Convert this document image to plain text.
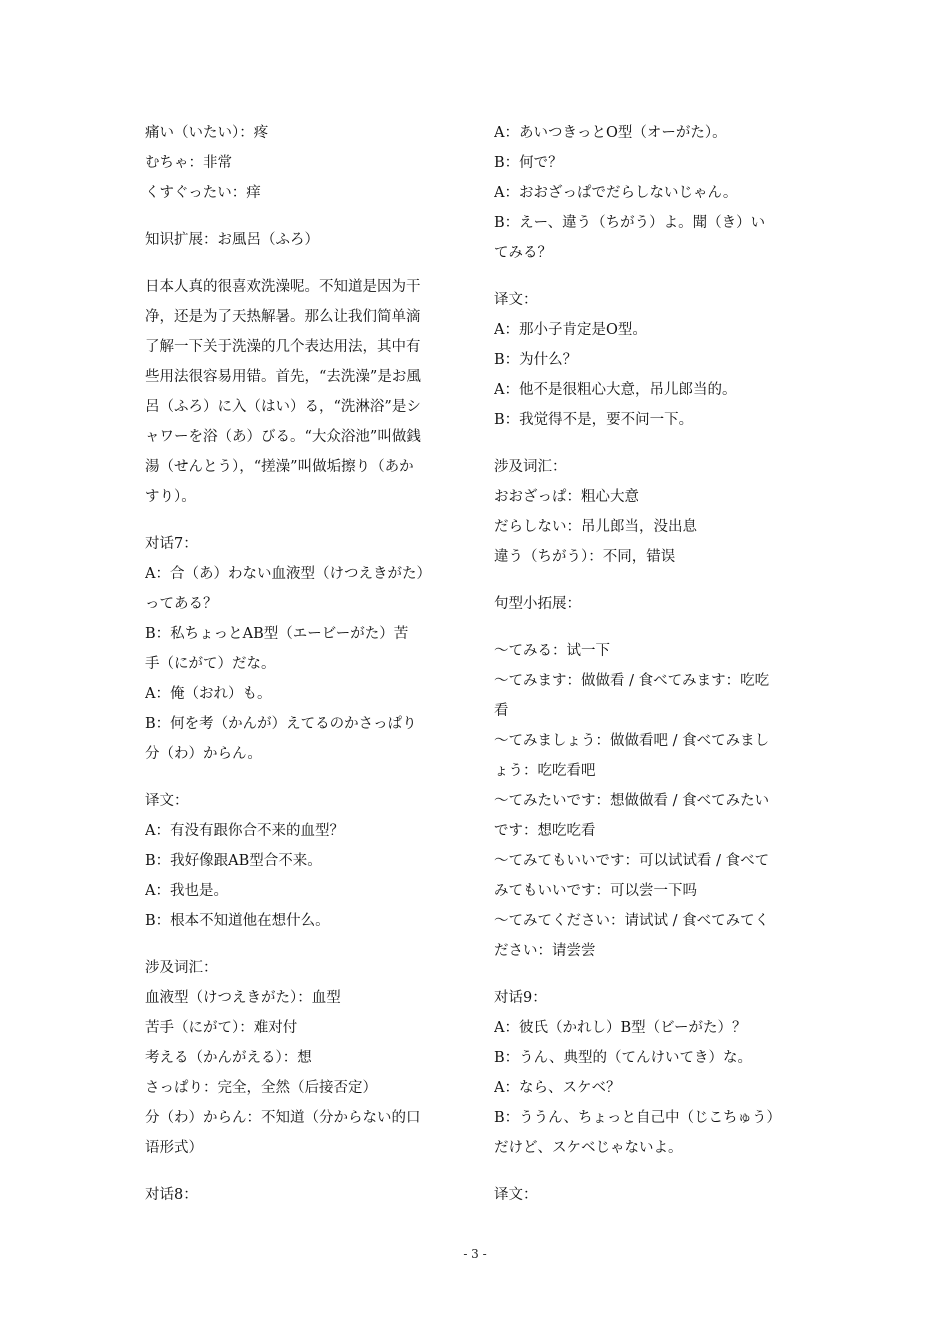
痛い（いたい）：疼
むちゃ：非常
くすぐったい：痒
知识扩展：お風呂（ふろ）
日本人真的很喜欢洗澡呢。不知道是因为干
净，还是为了天热解暑。那么让我们简单滴
了解一下关于洗澡的几个表达用法，其中有
些用法很容易用错。首先，“去洗澡”是お風
呂（ふろ）に入（はい）る，“洗淋浴”是シ
ャワーを浴（あ）びる。“大众浴池”叫做銭
湯（せんとう），“搓澡”叫做垢擦り（あか
すり）。
对话7：
A：合（あ）わない血液型（けつえきがた）
ってある？
B：私ちょっとAB型（エービーがた）苦
手（にがて）だな。
A：俺（おれ）も。
B：何を考（かんが）えてるのかさっぱり
分（わ）からん。
译文：
A：有没有跟你合不来的血型？
B：我好像跟AB型合不来。
A：我也是。
B：根本不知道他在想什么。
涉及词汇：
血液型（けつえきがた）：血型
苦手（にがて）：难对付
考える（かんがえる）：想
さっぱり：完全，全然（后接否定）
分（わ）からん：不知道（分からない的口
语形式）
对话8：
A：あいつきっとO型（オーがた）。
B：何で？
A：おおざっぱでだらしないじゃん。
B：えー、違う（ちがう）よ。聞（き）い
てみる？
译文：
A：那小子肯定是O型。
B：为什么？
A：他不是很粗心大意，吊儿郎当的。
B：我觉得不是，要不问一下。
涉及词汇：
おおざっぱ：粗心大意
だらしない：吊儿郎当，没出息
違う（ちがう）：不同，错误
句型小拓展：
～てみる：试一下
～てみます：做做看 / 食べてみます：吃吃
看
～てみましょう：做做看吧 / 食べてみまし
ょう：吃吃看吧
～てみたいです：想做做看 / 食べてみたい
です：想吃吃看
～てみてもいいです：可以试试看 / 食べて
みてもいいです：可以尝一下吗
～てみてください：请试试 / 食べてみてく
ださい：请尝尝
对话9：
A：彼氏（かれし）B型（ビーがた）？
B：うん、典型的（てんけいてき）な。
A：なら、スケベ？
B：ううん、ちょっと自己中（じこちゅう）
だけど、スケベじゃないよ。
译文：
- 3 -
